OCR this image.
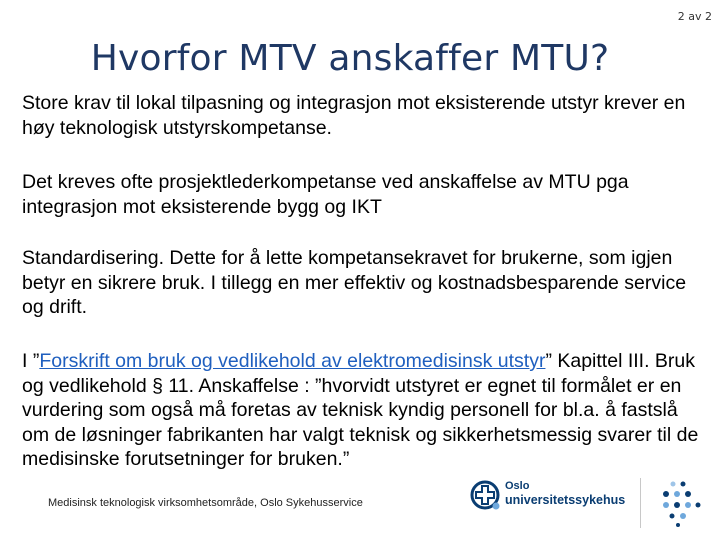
2 av 2
Hvorfor MTV anskaffer MTU?

Store krav til lokal tilpasning og integrasjon mot eksisterende utstyr krever en høy teknologisk utstyrskompetanse.

Det kreves ofte prosjektlederkompetanse ved anskaffelse av MTU pga integrasjon mot eksisterende bygg og IKT

Standardisering. Dette for å lette kompetansekravet for brukerne, som igjen betyr en sikrere bruk. I tillegg en mer effektiv og kostnadsbesparende service og drift.

I ”Forskrift om bruk og vedlikehold av elektromedisinsk utstyr” Kapittel III. Bruk og vedlikehold § 11. Anskaffelse : ”hvorvidt utstyret er egnet til formålet er en vurdering som også må foretas av teknisk kyndig personell for bl.a. å fastslå om de løsninger fabrikanten har valgt teknisk og sikkerhetsmessig svarer til de medisinske forutsetninger for bruken.”

Medisinsk teknologisk virksomhetsområde, Oslo Sykehusservice
Oslo
universitetssykehus
